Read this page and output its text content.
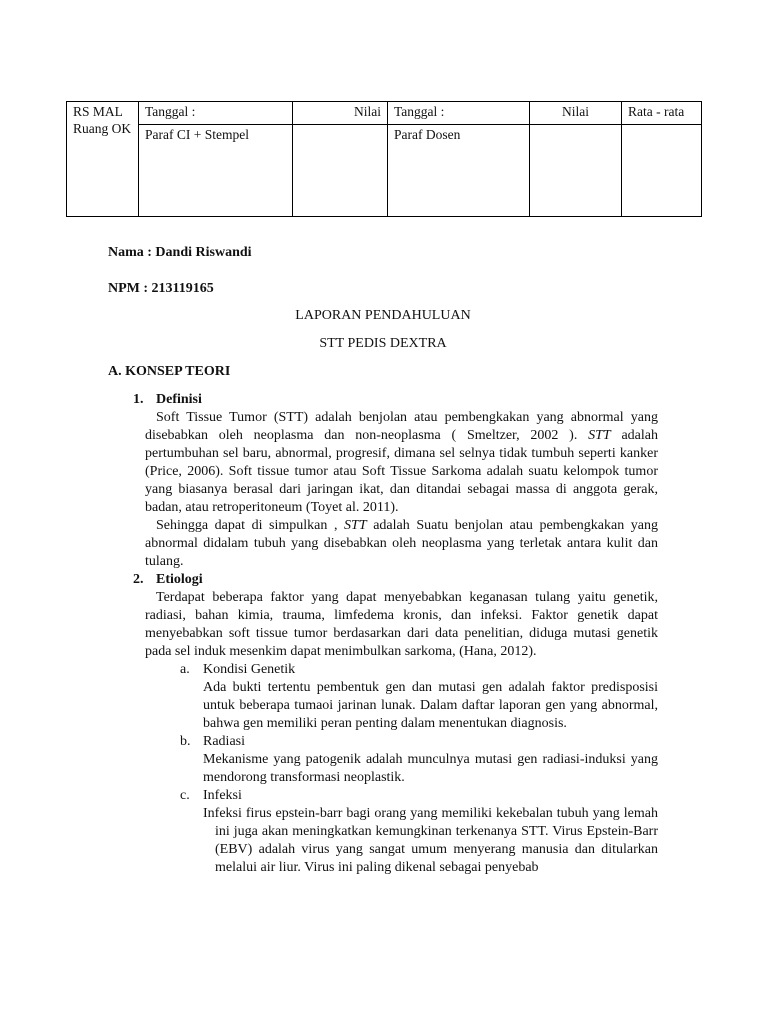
RS MAL Ruang OK	Tanggal :	Nilai	Tanggal :	Nilai	Rata - rata
	Paraf CI + Stempel		Paraf Dosen		

Nama : Dandi Riswandi

NPM : 213119165

LAPORAN PENDAHULUAN

STT PEDIS DEXTRA

A. KONSEP TEORI

1. Definisi

Soft Tissue Tumor (STT) adalah benjolan atau pembengkakan yang abnormal yang disebabkan oleh neoplasma dan non-neoplasma ( Smeltzer, 2002 ). STT adalah pertumbuhan sel baru, abnormal, progresif, dimana sel selnya tidak tumbuh seperti kanker (Price, 2006). Soft tissue tumor atau Soft Tissue Sarkoma adalah suatu kelompok tumor yang biasanya berasal dari jaringan ikat, dan ditandai sebagai massa di anggota gerak, badan, atau retroperitoneum (Toyet al. 2011).

Sehingga dapat di simpulkan , STT adalah Suatu benjolan atau pembengkakan yang abnormal didalam tubuh yang disebabkan oleh neoplasma yang terletak antara kulit dan tulang.

2. Etiologi

Terdapat beberapa faktor yang dapat menyebabkan keganasan tulang yaitu genetik, radiasi, bahan kimia, trauma, limfedema kronis, dan infeksi. Faktor genetik dapat menyebabkan soft tissue tumor berdasarkan dari data penelitian, diduga mutasi genetik pada sel induk mesenkim dapat menimbulkan sarkoma, (Hana, 2012).

a. Kondisi Genetik

Ada bukti tertentu pembentuk gen dan mutasi gen adalah faktor predisposisi untuk beberapa tumaoi jarinan lunak. Dalam daftar laporan gen yang abnormal, bahwa gen memiliki peran penting dalam menentukan diagnosis.

b. Radiasi

Mekanisme yang patogenik adalah munculnya mutasi gen radiasi-induksi yang mendorong transformasi neoplastik.

c. Infeksi

Infeksi firus epstein-barr bagi orang yang memiliki kekebalan tubuh yang lemah ini juga akan meningkatkan kemungkinan terkenanya STT. Virus Epstein-Barr (EBV) adalah virus yang sangat umum menyerang manusia dan ditularkan melalui air liur. Virus ini paling dikenal sebagai penyebab
